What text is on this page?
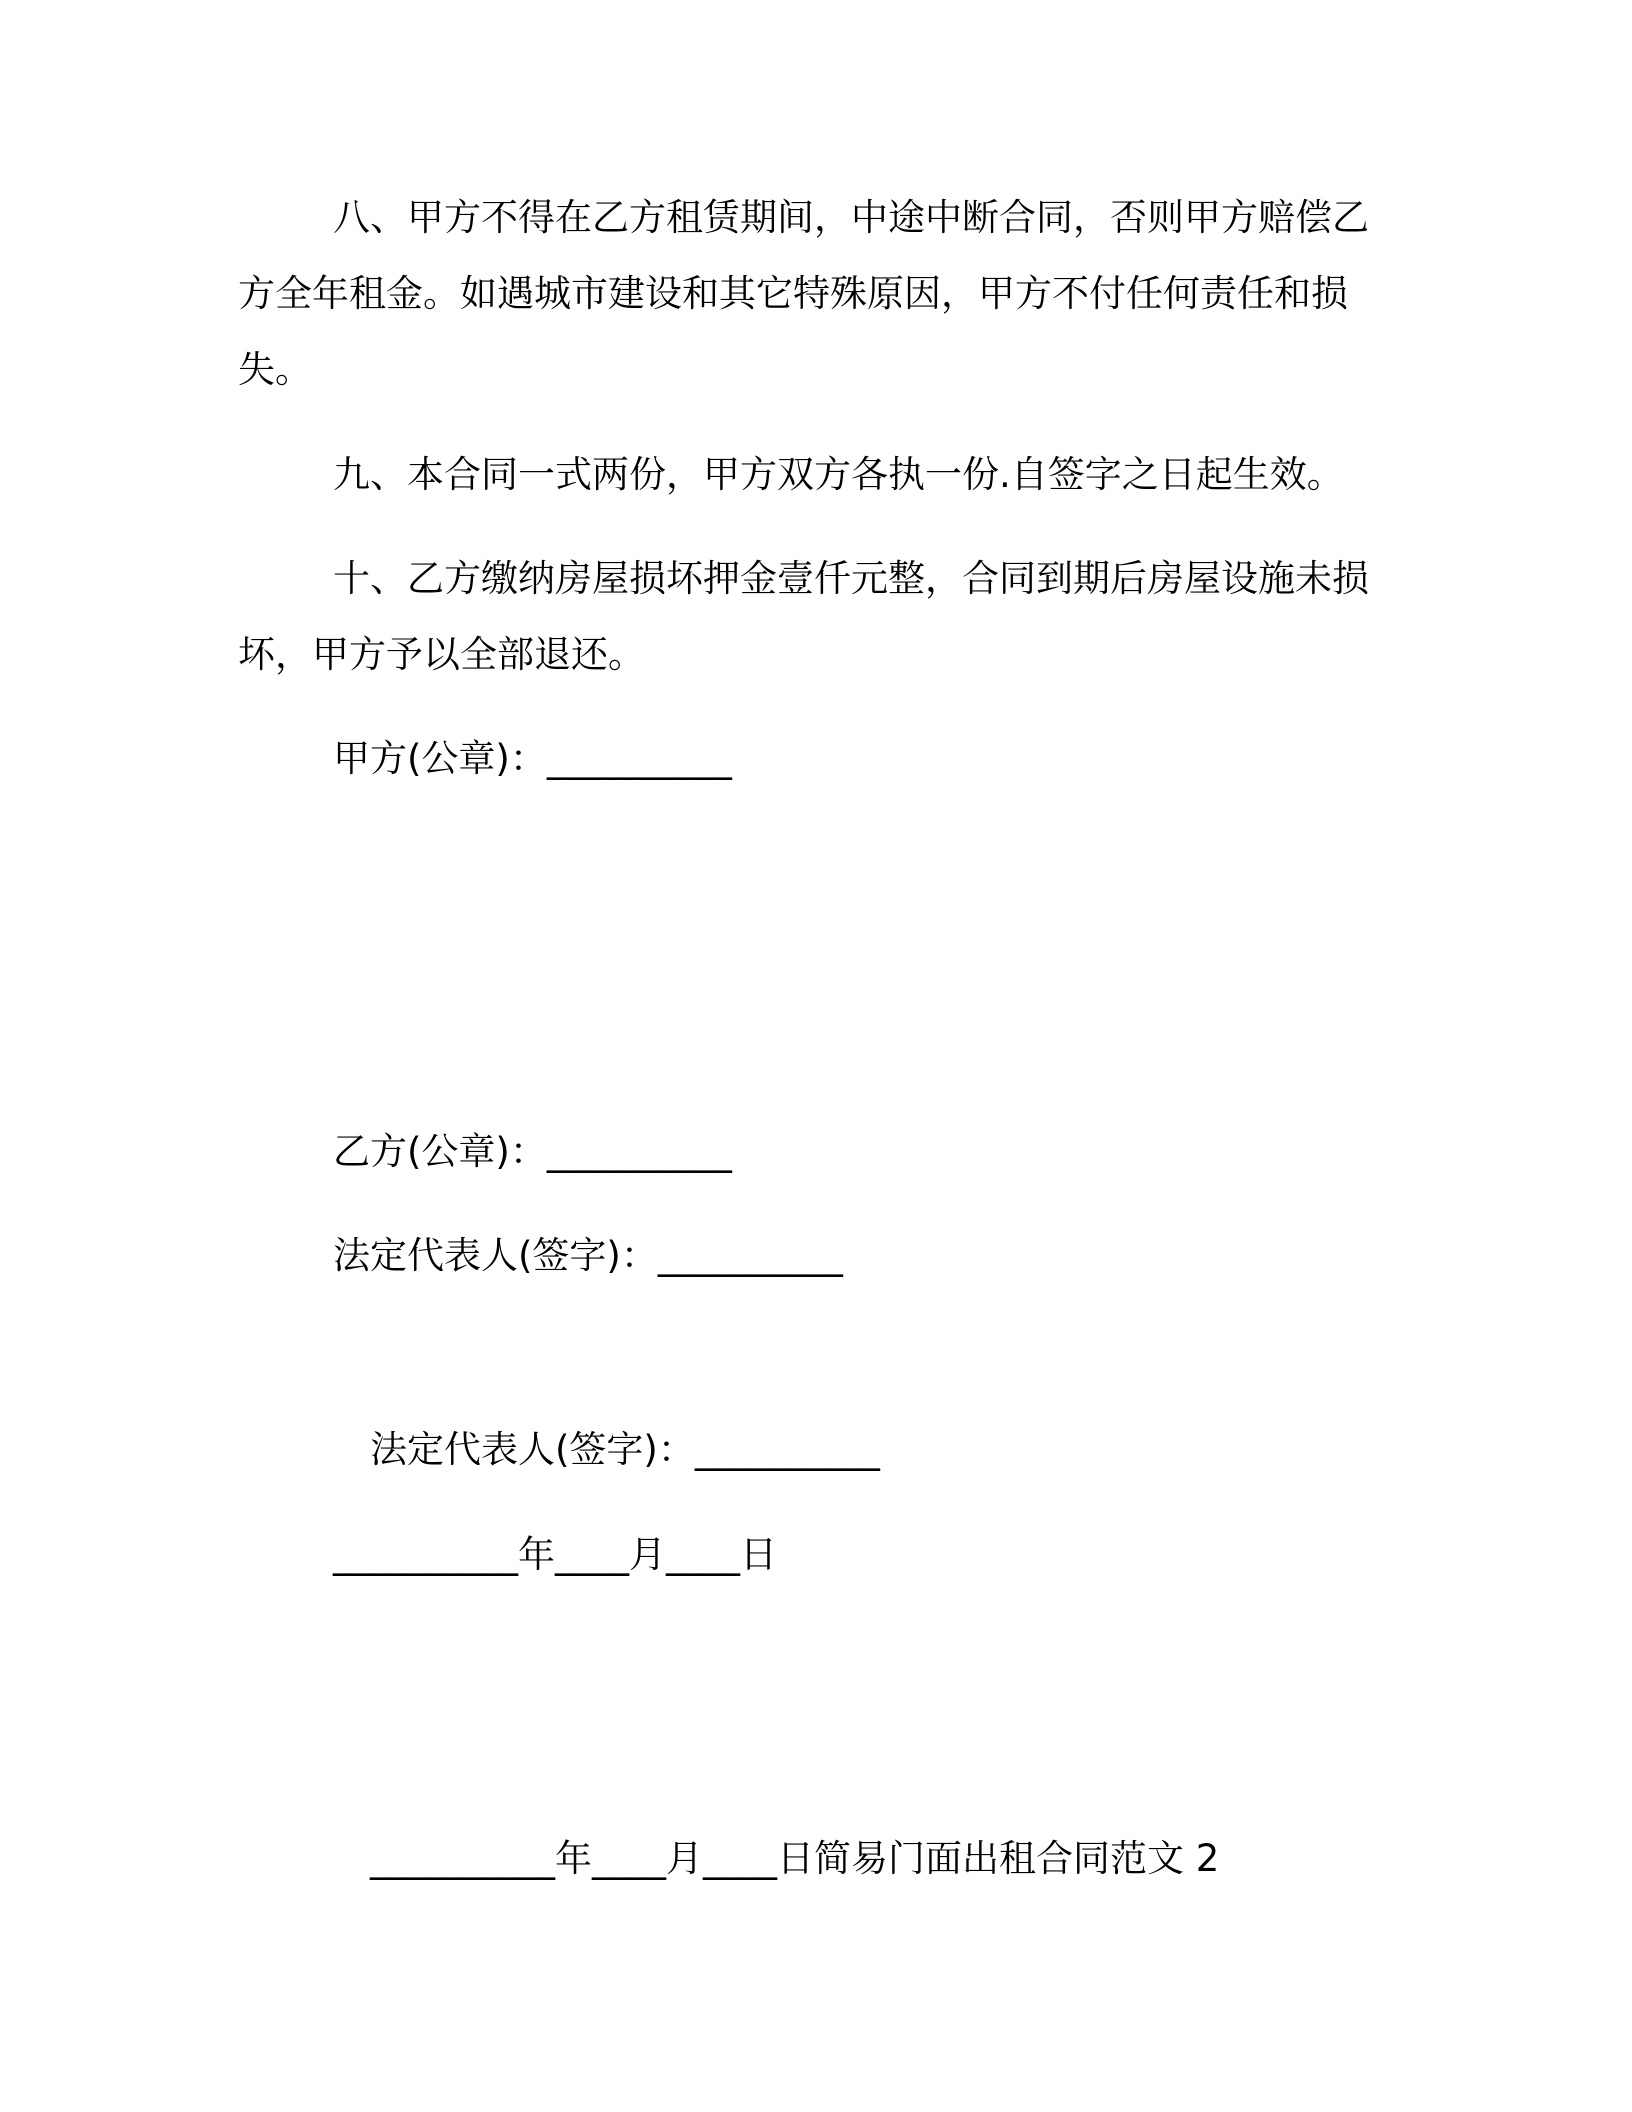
八、甲方不得在乙方租赁期间，中途中断合同，否则甲方赔偿乙
方全年租金。如遇城市建设和其它特殊原因，甲方不付任何责任和损
失。
九、本合同一式两份，甲方双方各执一份.自签字之日起生效。
十、乙方缴纳房屋损坏押金壹仟元整，合同到期后房屋设施未损
坏，甲方予以全部退还。
甲方(公章)：__________
乙方(公章)：__________
法定代表人(签字)：__________
法定代表人(签字)：__________
__________年____月____日
__________年____月____日简易门面出租合同范文 2
